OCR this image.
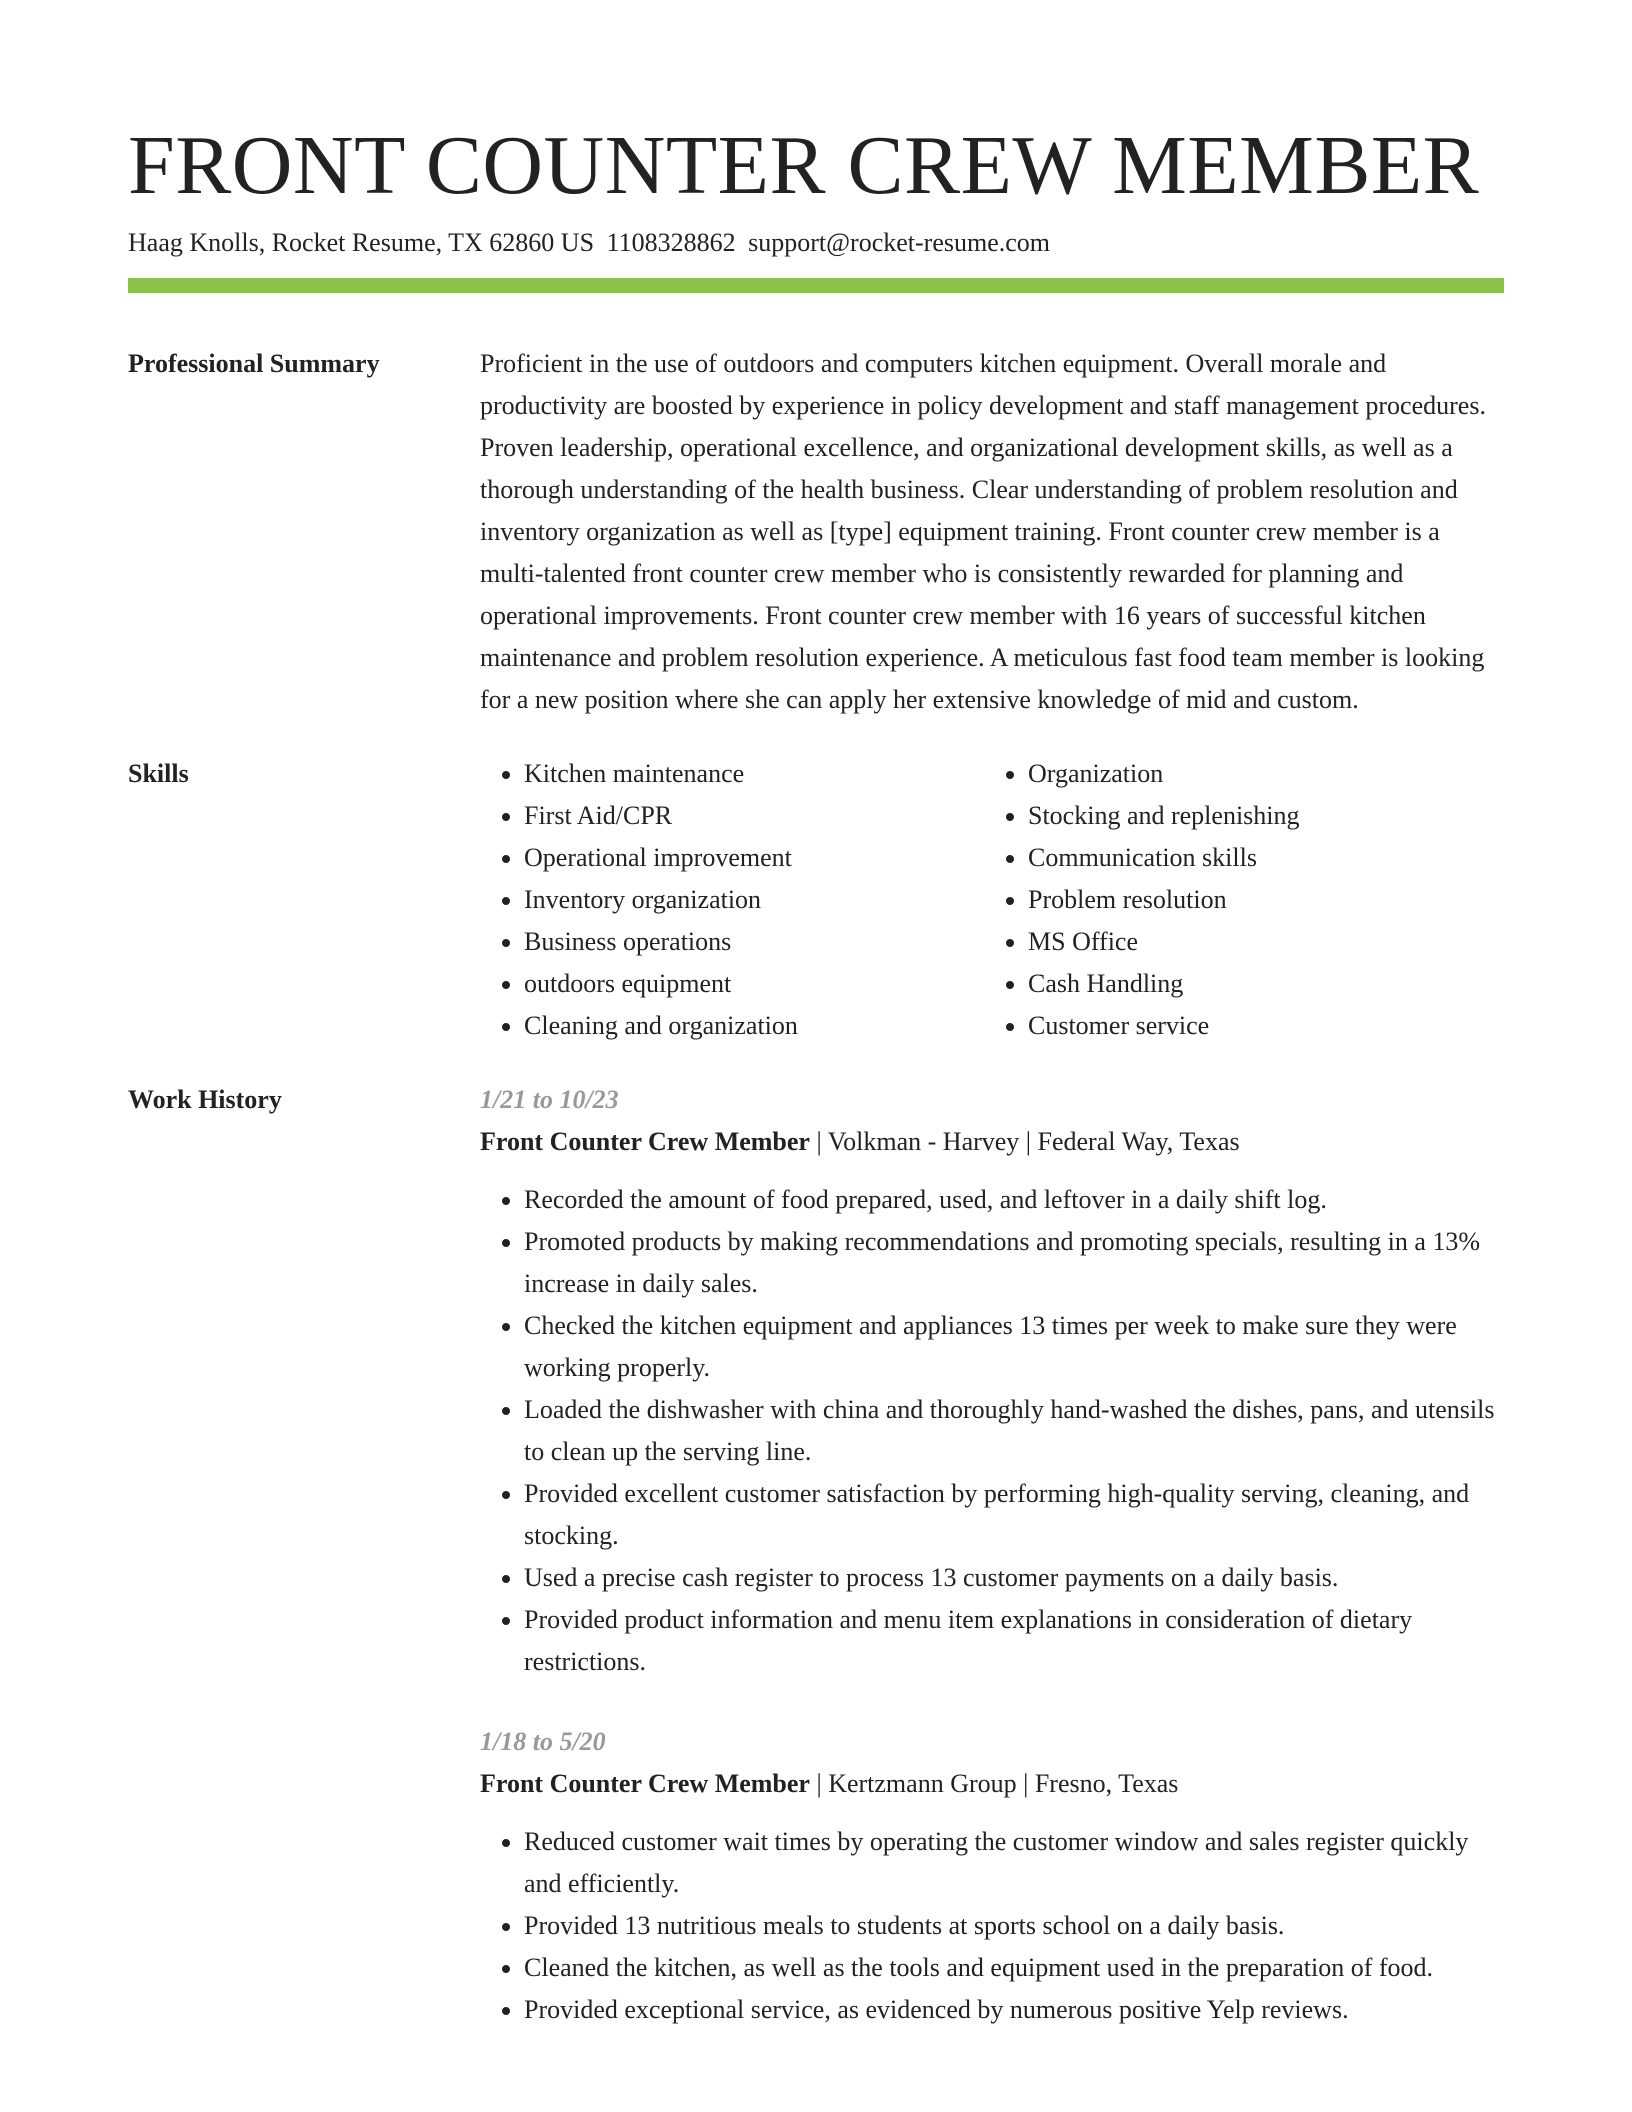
FRONT COUNTER CREW MEMBER
Haag Knolls, Rocket Resume, TX 62860 US 1108328862 support@rocket-resume.com
Professional Summary	Proficient in the use of outdoors and computers kitchen equipment. Overall morale and productivity are boosted by experience in policy development and staff management procedures. Proven leadership, operational excellence, and organizational development skills, as well as a thorough understanding of the health business. Clear understanding of problem resolution and inventory organization as well as [type] equipment training. Front counter crew member is a multi-talented front counter crew member who is consistently rewarded for planning and operational improvements. Front counter crew member with 16 years of successful kitchen maintenance and problem resolution experience. A meticulous fast food team member is looking for a new position where she can apply her extensive knowledge of mid and custom.

Skills
•	Kitchen maintenance
• First Aid/CPR
• Operational improvement
• Inventory organization
• Business operations
• outdoors equipment
• Cleaning and organization
• Organization
• Stocking and replenishing
• Communication skills
• Problem resolution
• MS Office
• Cash Handling
• Customer service
Work History	1/21 to 10/23
Front Counter Crew Member | Volkman - Harvey | Federal Way, Texas
• Recorded the amount of food prepared, used, and leftover in a daily shift log.
• Promoted products by making recommendations and promoting specials, resulting in a 13% increase in daily sales.
• Checked the kitchen equipment and appliances 13 times per week to make sure they were working properly.
• Loaded the dishwasher with china and thoroughly hand-washed the dishes, pans, and utensils to clean up the serving line.
• Provided excellent customer satisfaction by performing high-quality serving, cleaning, and stocking.
• Used a precise cash register to process 13 customer payments on a daily basis.
• Provided product information and menu item explanations in consideration of dietary restrictions.
1/18 to 5/20
Front Counter Crew Member | Kertzmann Group | Fresno, Texas
• Reduced customer wait times by operating the customer window and sales register quickly and efficiently.
• Provided 13 nutritious meals to students at sports school on a daily basis.
• Cleaned the kitchen, as well as the tools and equipment used in the preparation of food.
• Provided exceptional service, as evidenced by numerous positive Yelp reviews.
